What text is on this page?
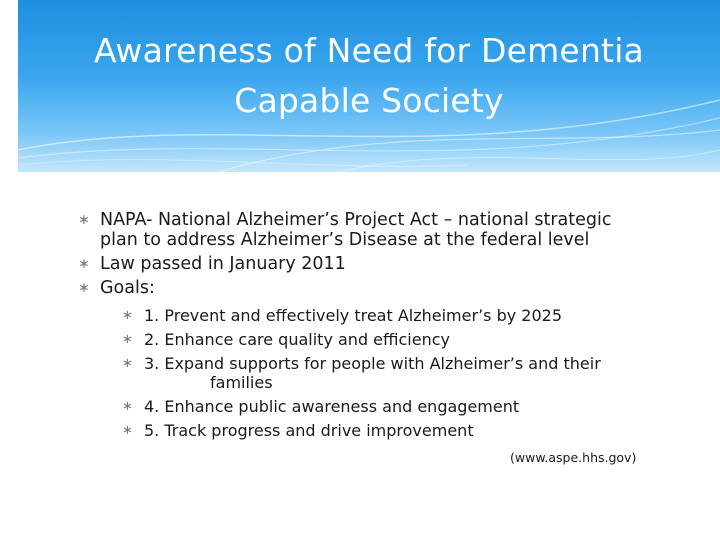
Awareness of Need for Dementia
Capable Society
∗ NAPA- National Alzheimer’s Project Act – national strategic
plan to address Alzheimer’s Disease at the federal level
∗ Law passed in January 2011
∗ Goals:
∗ 1. Prevent and effectively treat Alzheimer’s by 2025
∗ 2. Enhance care quality and efficiency
∗ 3. Expand supports for people with Alzheimer’s and their
families
∗ 4. Enhance public awareness and engagement
∗ 5. Track progress and drive improvement
(www.aspe.hhs.gov)
